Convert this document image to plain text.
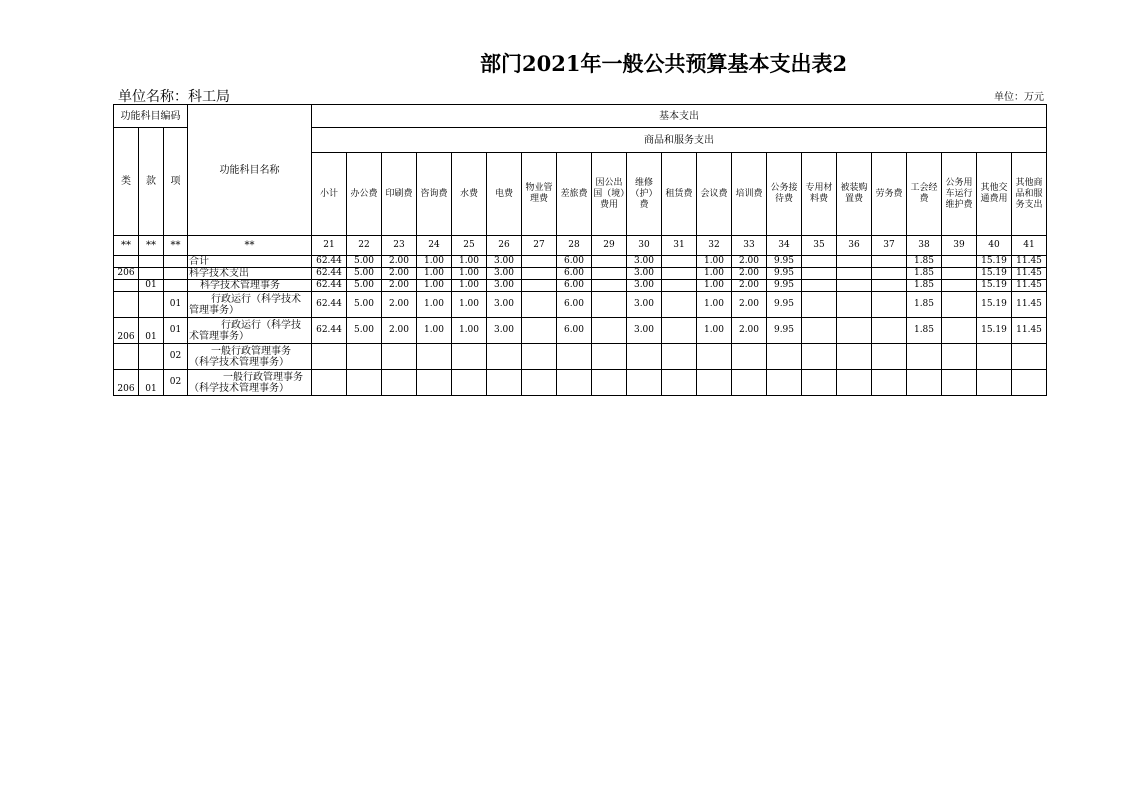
部门2021年一般公共预算基本支出表2
单位名称：科工局	单位：万元
功能科目编码			功能科目名称	基本支出																				
类	款	项		商品和服务支出																				
				小计	办公费	印刷费	咨询费	水费	电费	物业管理费	差旅费	因公出国（境）费用	维修（护）费	租赁费	会议费	培训费	公务接待费	专用材料费	被装购置费	劳务费	工会经费	公务用车运行维护费	其他交通费用	其他商品和服务支出
**	**	**	**	21	22	23	24	25	26	27	28	29	30	31	32	33	34	35	36	37	38	39	40	41
			合计	62.44	5.00	2.00	1.00	1.00	3.00		6.00		3.00		1.00	2.00	9.95				1.85		15.19	11.45
206			科学技术支出	62.44	5.00	2.00	1.00	1.00	3.00		6.00		3.00		1.00	2.00	9.95				1.85		15.19	11.45
	01		科学技术管理事务	62.44	5.00	2.00	1.00	1.00	3.00		6.00		3.00		1.00	2.00	9.95				1.85		15.19	11.45
		01	行政运行（科学技术
管理事务）	62.44	5.00	2.00	1.00	1.00	3.00		6.00		3.00		1.00	2.00	9.95				1.85		15.19	11.45
206	01	01	行政运行（科学技
术管理事务）	62.44	5.00	2.00	1.00	1.00	3.00		6.00		3.00		1.00	2.00	9.95				1.85		15.19	11.45
		02	一般行政管理事务
（科学技术管理事务）																					

206	01	02	一般行政管理事务
（科学技术管理事务）																					
